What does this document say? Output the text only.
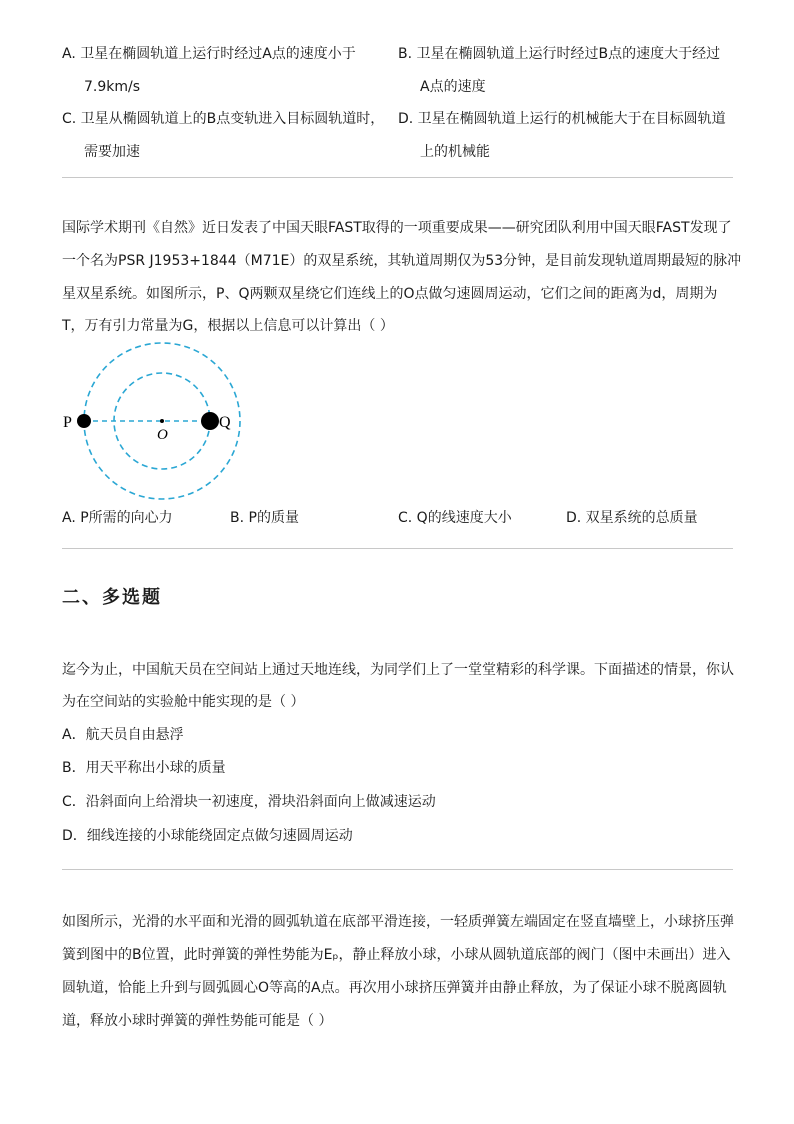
A. 卫星在椭圆轨道上运行时经过A点的速度小于
7.9km/s
B. 卫星在椭圆轨道上运行时经过B点的速度大于经过
A点的速度
C. 卫星从椭圆轨道上的B点变轨进入目标圆轨道时，
需要加速
D. 卫星在椭圆轨道上运行的机械能大于在目标圆轨道
上的机械能
国际学术期刊《自然》近日发表了中国天眼FAST取得的一项重要成果——研究团队利用中国天眼FAST发现了
一个名为PSR J1953+1844（M71E）的双星系统，其轨道周期仅为53分钟，是目前发现轨道周期最短的脉冲
星双星系统。如图所示，P、Q两颗双星绕它们连线上的O点做匀速圆周运动，它们之间的距离为d，周期为
T，万有引力常量为G，根据以上信息可以计算出（ ）
P	Q
O
A. P所需的向心力	B. P的质量	C. Q的线速度大小	D. 双星系统的总质量
二、多选题
迄今为止，中国航天员在空间站上通过天地连线，为同学们上了一堂堂精彩的科学课。下面描述的情景，你认
为在空间站的实验舱中能实现的是（ ）
A．航天员自由悬浮
B．用天平称出小球的质量
C．沿斜面向上给滑块一初速度，滑块沿斜面向上做减速运动
D．细线连接的小球能绕固定点做匀速圆周运动
如图所示，光滑的水平面和光滑的圆弧轨道在底部平滑连接，一轻质弹簧左端固定在竖直墙壁上，小球挤压弹
簧到图中的B位置，此时弹簧的弹性势能为Eₚ，静止释放小球，小球从圆轨道底部的阀门（图中未画出）进入
圆轨道，恰能上升到与圆弧圆心O等高的A点。再次用小球挤压弹簧并由静止释放，为了保证小球不脱离圆轨
道，释放小球时弹簧的弹性势能可能是（ ）
